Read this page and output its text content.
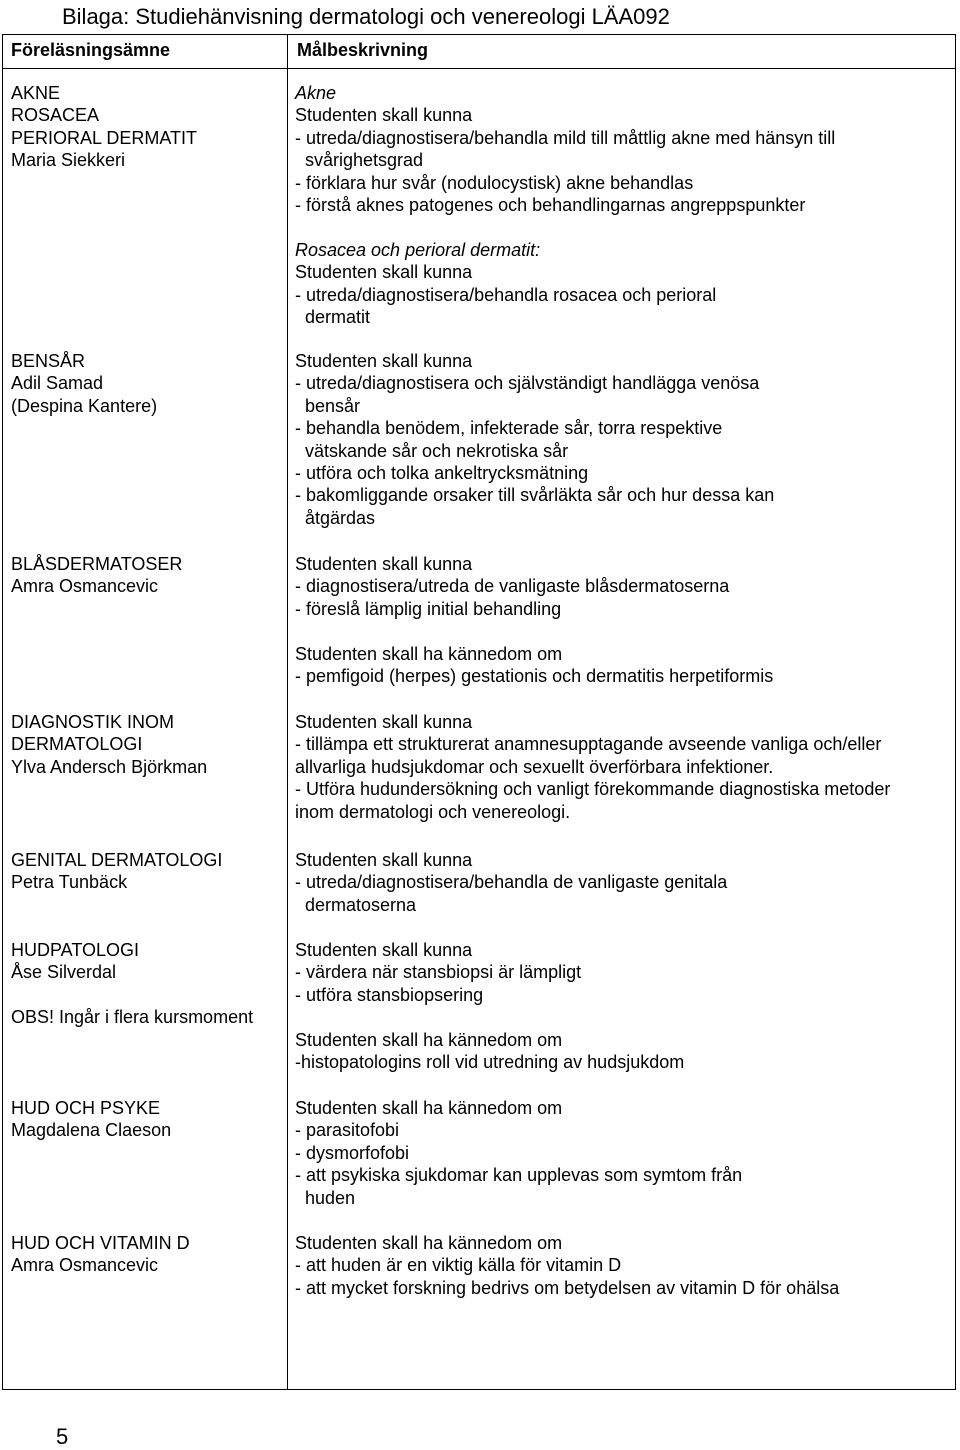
Bilaga: Studiehänvisning dermatologi och venereologi LÄA092
Föreläsningsämne	Målbeskrivning
AKNE
ROSACEA
PERIORAL DERMATIT
Maria Siekkeri
BENSÅR
Adil Samad
(Despina Kantere)
BLÅSDERMATOSER
Amra Osmancevic
DIAGNOSTIK INOM
DERMATOLOGI
Ylva Andersch Björkman
GENITAL DERMATOLOGI
Petra Tunbäck
HUDPATOLOGI
Åse Silverdal
OBS! Ingår i flera kursmoment
HUD OCH PSYKE
Magdalena Claeson
HUD OCH VITAMIN D
Amra Osmancevic
Akne
Studenten skall kunna
- utreda/diagnostisera/behandla mild till måttlig akne med hänsyn till
svårighetsgrad
- förklara hur svår (nodulocystisk) akne behandlas
- förstå aknes patogenes och behandlingarnas angreppspunkter
Rosacea och perioral dermatit:
Studenten skall kunna
- utreda/diagnostisera/behandla rosacea och perioral
dermatit
Studenten skall kunna
- utreda/diagnostisera och självständigt handlägga venösa
bensår
- behandla benödem, infekterade sår, torra respektive
vätskande sår och nekrotiska sår
- utföra och tolka ankeltrycksmätning
- bakomliggande orsaker till svårläkta sår och hur dessa kan
åtgärdas
Studenten skall kunna
- diagnostisera/utreda de vanligaste blåsdermatoserna
- föreslå lämplig initial behandling
Studenten skall ha kännedom om
- pemfigoid (herpes) gestationis och dermatitis herpetiformis
Studenten skall kunna
- tillämpa ett strukturerat anamnesupptagande avseende vanliga och/eller
allvarliga hudsjukdomar och sexuellt överförbara infektioner.
- Utföra hudundersökning och vanligt förekommande diagnostiska metoder
inom dermatologi och venereologi.
Studenten skall kunna
- utreda/diagnostisera/behandla de vanligaste genitala
dermatoserna
Studenten skall kunna
- värdera när stansbiopsi är lämpligt
- utföra stansbiopsering
Studenten skall ha kännedom om
-histopatologins roll vid utredning av hudsjukdom
Studenten skall ha kännedom om
- parasitofobi
- dysmorfofobi
- att psykiska sjukdomar kan upplevas som symtom från
huden
Studenten skall ha kännedom om
- att huden är en viktig källa för vitamin D
- att mycket forskning bedrivs om betydelsen av vitamin D för ohälsa
5
